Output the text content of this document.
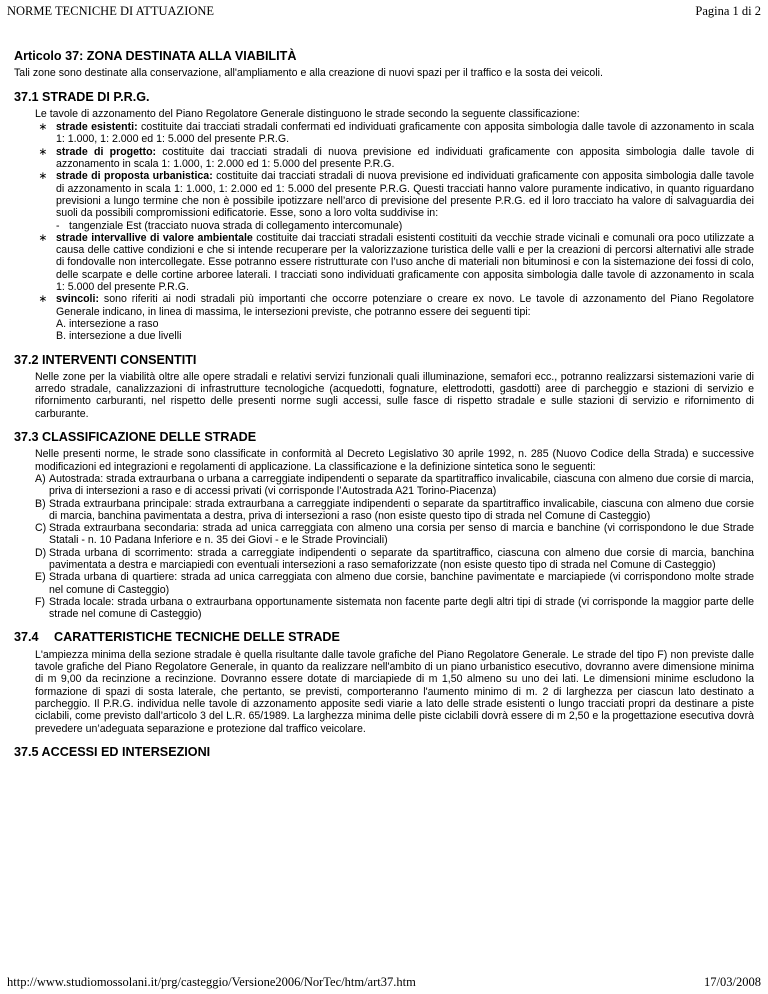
NORME TECNICHE DI ATTUAZIONE	Pagina 1 di 2
Articolo 37: ZONA DESTINATA ALLA VIABILITÀ

Tali zone sono destinate alla conservazione, all'ampliamento e alla creazione di nuovi spazi per il traffico e la sosta dei veicoli.

37.1 STRADE DI P.R.G.

Le tavole di azzonamento del Piano Regolatore Generale distinguono le strade secondo la seguente classificazione:

∗ strade esistenti: costituite dai tracciati stradali confermati ed individuati graficamente con apposita simbologia dalle tavole di azzonamento in scala 1: 1.000, 1: 2.000 ed 1: 5.000 del presente P.R.G.
∗ strade di progetto: costituite dai tracciati stradali di nuova previsione ed individuati graficamente con apposita simbologia dalle tavole di azzonamento in scala 1: 1.000, 1: 2.000 ed 1: 5.000 del presente P.R.G.
∗ strade di proposta urbanistica: costituite dai tracciati stradali di nuova previsione ed individuati graficamente con apposita simbologia dalle tavole di azzonamento in scala 1: 1.000, 1: 2.000 ed 1: 5.000 del presente P.R.G. Questi tracciati hanno valore puramente indicativo, in quanto riguardano previsioni a lungo termine che non è possibile ipotizzare nell’arco di previsione del presente P.R.G. ed il loro tracciato ha valore di salvaguardia dei suoli da possibili compromissioni edificatorie. Esse, sono a loro volta suddivise in:
- tangenziale Est (tracciato nuova strada di collegamento intercomunale)
∗ strade intervallive di valore ambientale costituite dai tracciati stradali esistenti costituiti da vecchie strade vicinali e comunali ora poco utilizzate a causa delle cattive condizioni e che si intende recuperare per la valorizzazione turistica delle valli e per la creazioni di percorsi alternativi alle strade di fondovalle non intercollegate. Esse potranno essere ristrutturate con l’uso anche di materiali non bituminosi e con la sistemazione dei fossi di colo, delle scarpate e delle cortine arboree laterali. I tracciati sono individuati graficamente con apposita simbologia dalle tavole di azzonamento in scala 1: 5.000 del presente P.R.G.
∗ svincoli: sono riferiti ai nodi stradali più importanti che occorre potenziare o creare ex novo. Le tavole di azzonamento del Piano Regolatore Generale indicano, in linea di massima, le intersezioni previste, che potranno essere dei seguenti tipi:
A. intersezione a raso
B. intersezione a due livelli
37.2 INTERVENTI CONSENTITI

Nelle zone per la viabilità oltre alle opere stradali e relativi servizi funzionali quali illuminazione, semafori ecc., potranno realizzarsi sistemazioni varie di arredo stradale, canalizzazioni di infrastrutture tecnologiche (acquedotti, fognature, elettrodotti, gasdotti) aree di parcheggio e stazioni di servizio e rifornimento carburanti, nel rispetto delle presenti norme sugli accessi, sulle fasce di rispetto stradale e sulle stazioni di servizio e rifornimento di carburante.

37.3 CLASSIFICAZIONE DELLE STRADE

Nelle presenti norme, le strade sono classificate in conformità al Decreto Legislativo 30 aprile 1992, n. 285 (Nuovo Codice della Strada) e successive modificazioni ed integrazioni e regolamenti di applicazione. La classificazione e la definizione sintetica sono le seguenti:

A) Autostrada: strada extraurbana o urbana a carreggiate indipendenti o separate da spartitraffico invalicabile, ciascuna con almeno due corsie di marcia, priva di intersezioni a raso e di accessi privati (vi corrisponde l’Autostrada A21 Torino-Piacenza)
B) Strada extraurbana principale: strada extraurbana a carreggiate indipendenti o separate da spartitraffico invalicabile, ciascuna con almeno due corsie di marcia, banchina pavimentata a destra, priva di intersezioni a raso (non esiste questo tipo di strada nel Comune di Casteggio)
C) Strada extraurbana secondaria: strada ad unica carreggiata con almeno una corsia per senso di marcia e banchine (vi corrispondono le due Strade Statali - n. 10 Padana Inferiore e n. 35 dei Giovi - e le Strade Provinciali)
D) Strada urbana di scorrimento: strada a carreggiate indipendenti o separate da spartitraffico, ciascuna con almeno due corsie di marcia, banchina pavimentata a destra e marciapiedi con eventuali intersezioni a raso semaforizzate (non esiste questo tipo di strada nel Comune di Casteggio)
E) Strada urbana di quartiere: strada ad unica carreggiata con almeno due corsie, banchine pavimentate e marciapiede (vi corrispondono molte strade nel comune di Casteggio)
F) Strada locale: strada urbana o extraurbana opportunamente sistemata non facente parte degli altri tipi di strade (vi corrisponde la maggior parte delle strade nel comune di Casteggio)
37.4 CARATTERISTICHE TECNICHE DELLE STRADE

L'ampiezza minima della sezione stradale è quella risultante dalle tavole grafiche del Piano Regolatore Generale. Le strade del tipo F) non previste dalle tavole grafiche del Piano Regolatore Generale, in quanto da realizzare nell'ambito di un piano urbanistico esecutivo, dovranno avere dimensione minima di m 9,00 da recinzione a recinzione. Dovranno essere dotate di marciapiede di m 1,50 almeno su uno dei lati. Le dimensioni minime escludono la formazione di spazi di sosta laterale, che pertanto, se previsti, comporteranno l'aumento minimo di m. 2 di larghezza per ciascun lato destinato a parcheggio. Il P.R.G. individua nelle tavole di azzonamento apposite sedi viarie a lato delle strade esistenti o lungo tracciati propri da destinare a piste ciclabili, come previsto dall’articolo 3 del L.R. 65/1989. La larghezza minima delle piste ciclabili dovrà essere di m 2,50 e la progettazione esecutiva dovrà prevedere un’adeguata separazione e protezione dal traffico veicolare.

37.5 ACCESSI ED INTERSEZIONI
http://www.studiomossolani.it/prg/casteggio/Versione2006/NorTec/htm/art37.htm	17/03/2008
